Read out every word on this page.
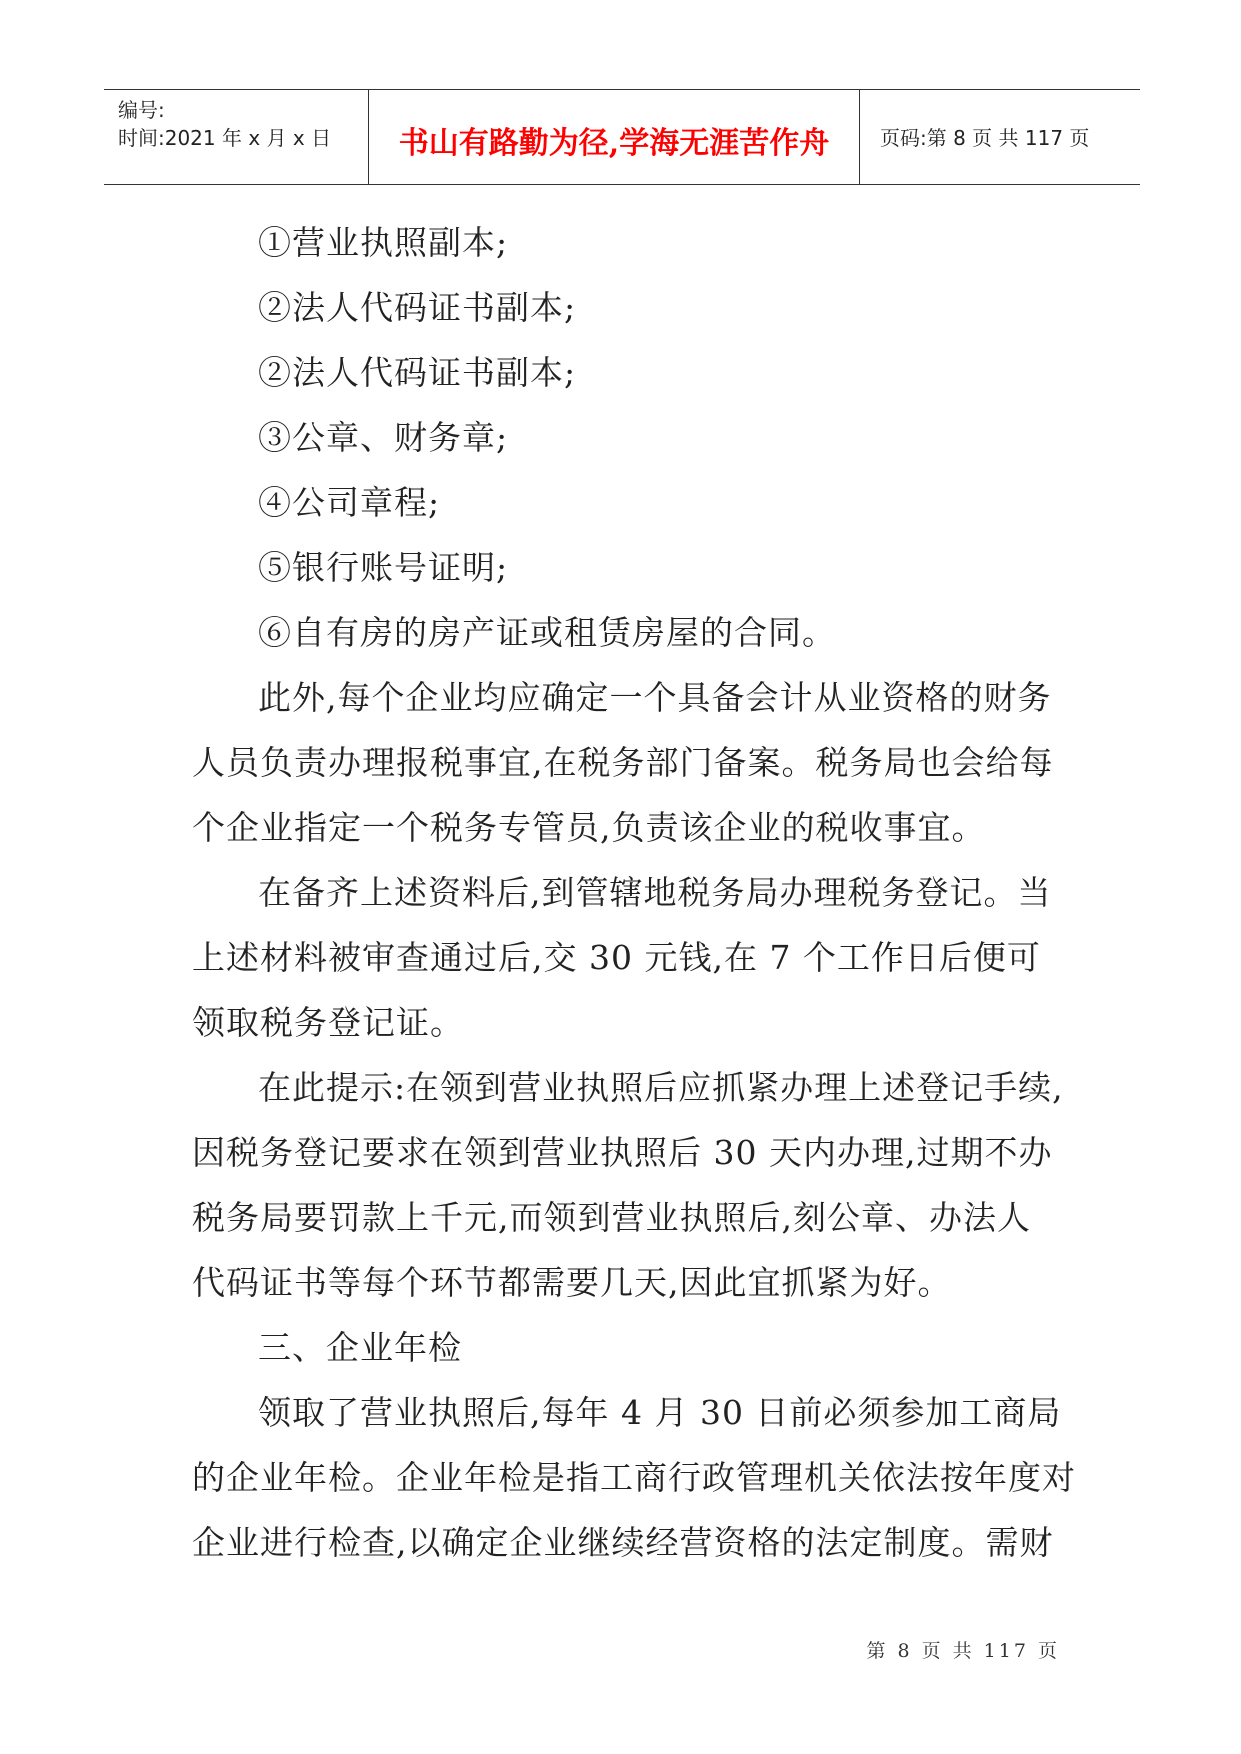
编号:
时间:2021 年 x 月 x 日	书山有路勤为径,学海无涯苦作舟	页码:第 8 页 共 117 页
①营业执照副本;
②法人代码证书副本;
②法人代码证书副本;
③公章、财务章;
④公司章程;
⑤银行账号证明;
⑥自有房的房产证或租赁房屋的合同。
此外,每个企业均应确定一个具备会计从业资格的财务
人员负责办理报税事宜,在税务部门备案。税务局也会给每
个企业指定一个税务专管员,负责该企业的税收事宜。
在备齐上述资料后,到管辖地税务局办理税务登记。当
上述材料被审查通过后,交 30 元钱,在 7 个工作日后便可
领取税务登记证。
在此提示:在领到营业执照后应抓紧办理上述登记手续,
因税务登记要求在领到营业执照后 30 天内办理,过期不办
税务局要罚款上千元,而领到营业执照后,刻公章、办法人
代码证书等每个环节都需要几天,因此宜抓紧为好。
三、企业年检
领取了营业执照后,每年 4 月 30 日前必须参加工商局
的企业年检。企业年检是指工商行政管理机关依法按年度对
企业进行检查,以确定企业继续经营资格的法定制度。需财
第 8 页 共 117 页
